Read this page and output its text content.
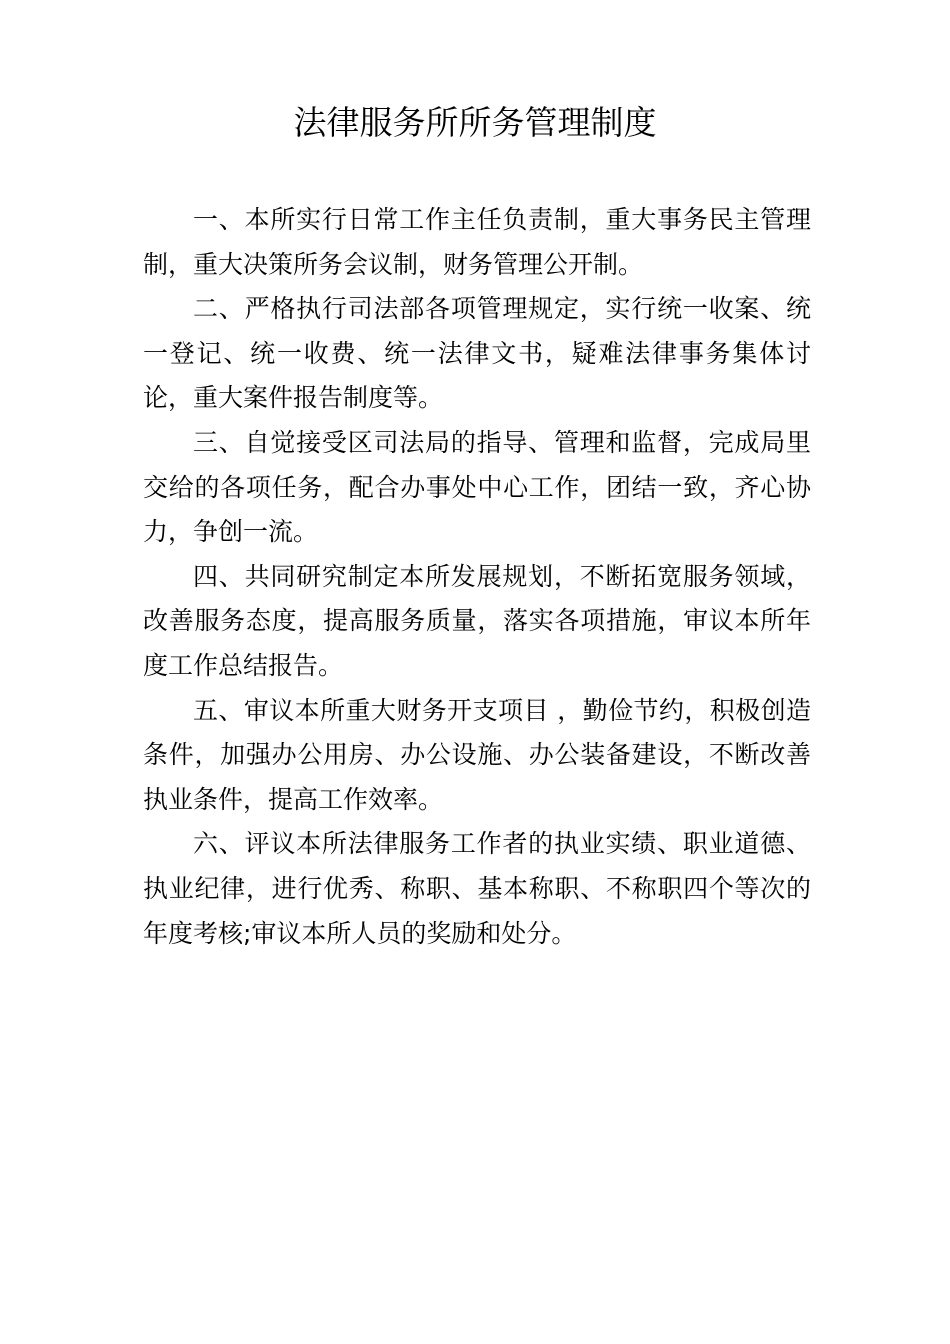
法律服务所所务管理制度

一、本所实行日常工作主任负责制，重大事务民主管理制，重大决策所务会议制，财务管理公开制。

二、严格执行司法部各项管理规定，实行统一收案、统一登记、统一收费、统一法律文书，疑难法律事务集体讨论，重大案件报告制度等。

三、自觉接受区司法局的指导、管理和监督，完成局里交给的各项任务，配合办事处中心工作，团结一致，齐心协力，争创一流。

四、共同研究制定本所发展规划，不断拓宽服务领域，改善服务态度，提高服务质量，落实各项措施，审议本所年度工作总结报告。

五、审议本所重大财务开支项目 ，勤俭节约，积极创造条件，加强办公用房、办公设施、办公装备建设，不断改善执业条件，提高工作效率。

六、评议本所法律服务工作者的执业实绩、职业道德、执业纪律，进行优秀、称职、基本称职、不称职四个等次的年度考核;审议本所人员的奖励和处分。
